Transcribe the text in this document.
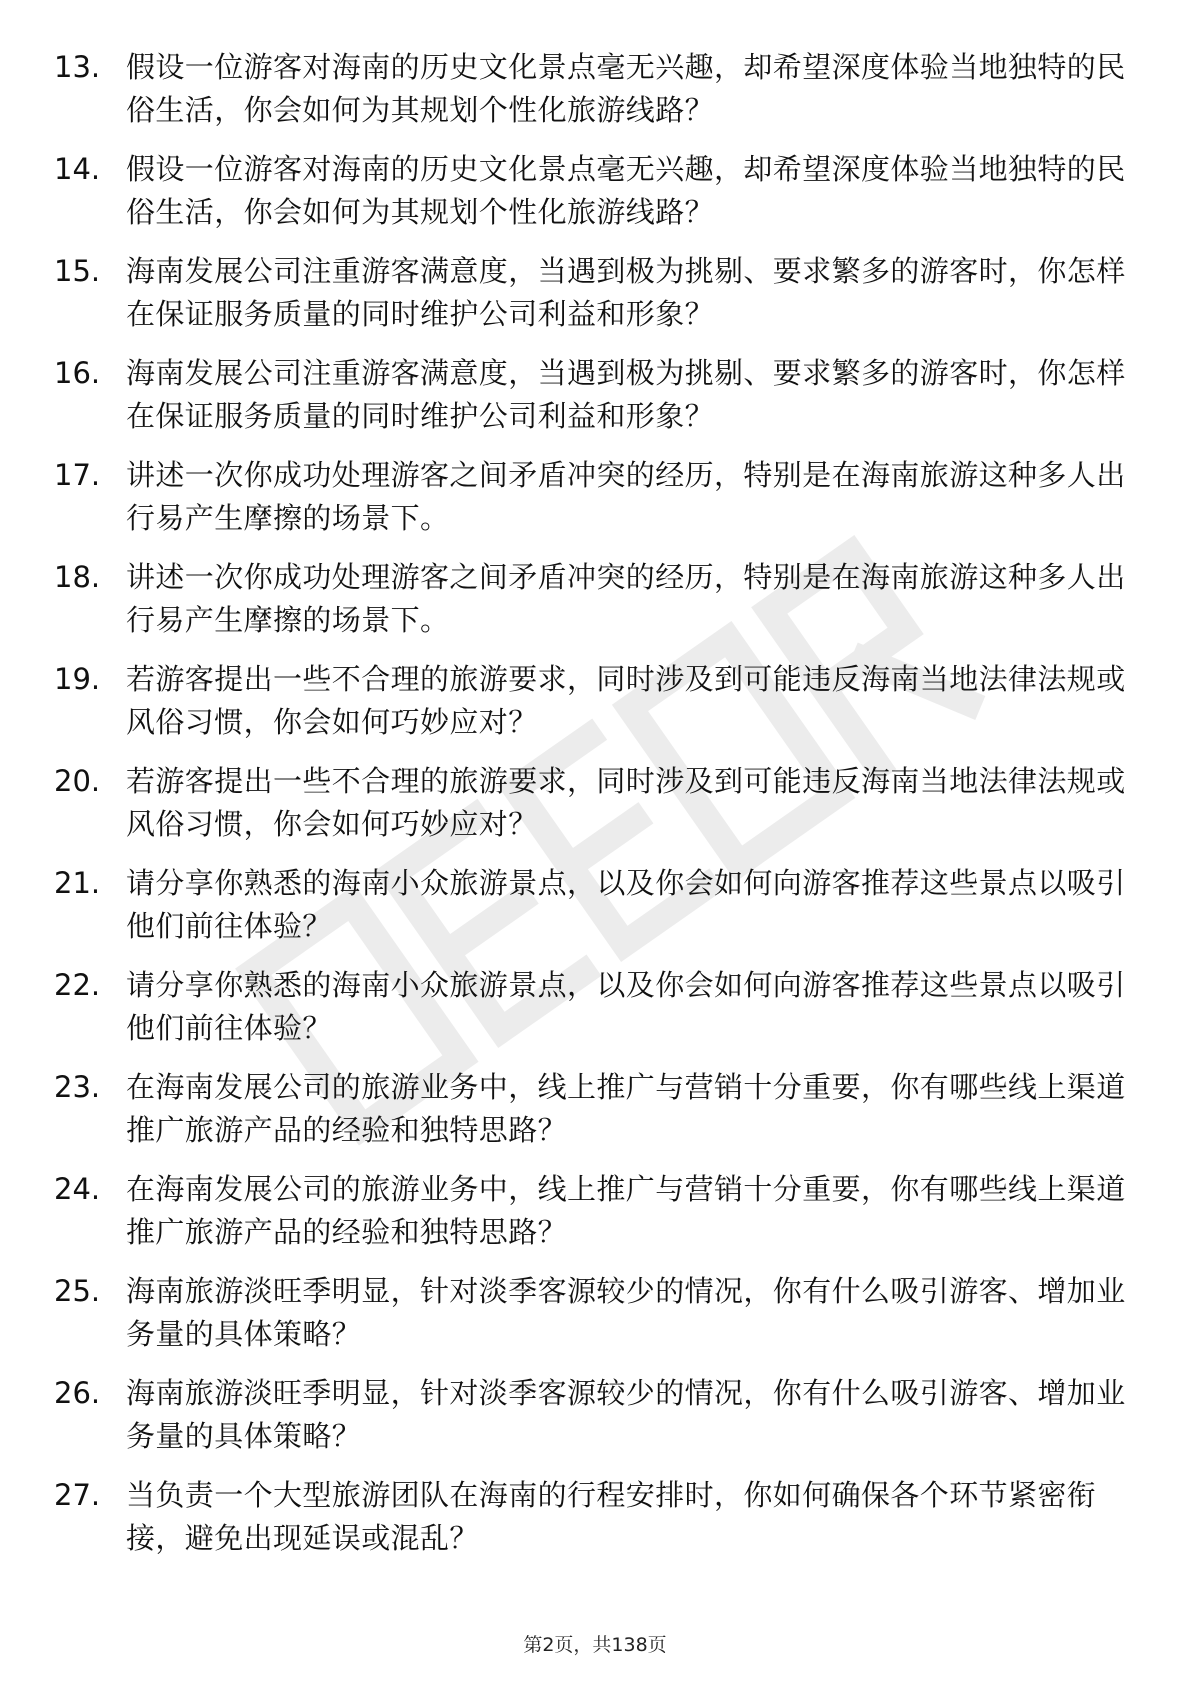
13. 假设一位游客对海南的历史文化景点毫无兴趣，却希望深度体验当地独特的民俗生活，你会如何为其规划个性化旅游线路？
14. 假设一位游客对海南的历史文化景点毫无兴趣，却希望深度体验当地独特的民俗生活，你会如何为其规划个性化旅游线路？
15. 海南发展公司注重游客满意度，当遇到极为挑剔、要求繁多的游客时，你怎样在保证服务质量的同时维护公司利益和形象？
16. 海南发展公司注重游客满意度，当遇到极为挑剔、要求繁多的游客时，你怎样在保证服务质量的同时维护公司利益和形象？
17. 讲述一次你成功处理游客之间矛盾冲突的经历，特别是在海南旅游这种多人出行易产生摩擦的场景下。
18. 讲述一次你成功处理游客之间矛盾冲突的经历，特别是在海南旅游这种多人出行易产生摩擦的场景下。
19. 若游客提出一些不合理的旅游要求，同时涉及到可能违反海南当地法律法规或风俗习惯，你会如何巧妙应对？
20. 若游客提出一些不合理的旅游要求，同时涉及到可能违反海南当地法律法规或风俗习惯，你会如何巧妙应对？
21. 请分享你熟悉的海南小众旅游景点，以及你会如何向游客推荐这些景点以吸引他们前往体验？
22. 请分享你熟悉的海南小众旅游景点，以及你会如何向游客推荐这些景点以吸引他们前往体验？
23. 在海南发展公司的旅游业务中，线上推广与营销十分重要，你有哪些线上渠道推广旅游产品的经验和独特思路？
24. 在海南发展公司的旅游业务中，线上推广与营销十分重要，你有哪些线上渠道推广旅游产品的经验和独特思路？
25. 海南旅游淡旺季明显，针对淡季客源较少的情况，你有什么吸引游客、增加业务量的具体策略？
26. 海南旅游淡旺季明显，针对淡季客源较少的情况，你有什么吸引游客、增加业务量的具体策略？
27. 当负责一个大型旅游团队在海南的行程安排时，你如何确保各个环节紧密衔接，避免出现延误或混乱？
第2页，共138页
